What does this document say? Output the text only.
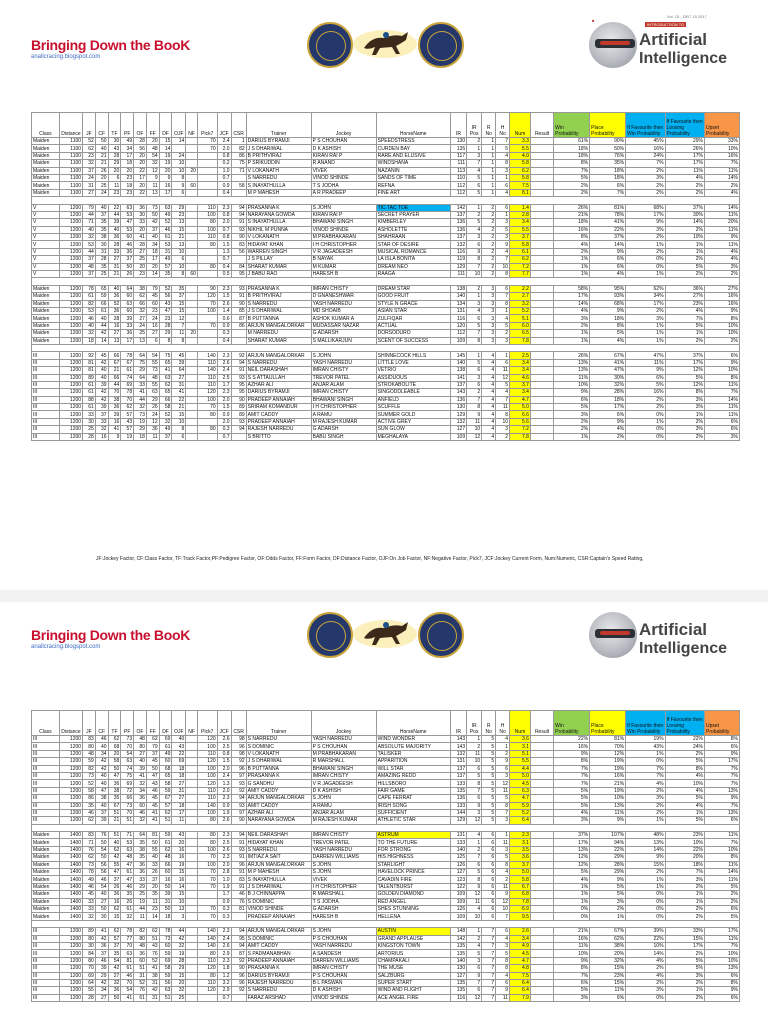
Bringing Down the BooK
anallcracing.blogspot.com
■
Vol. 15 - DEC 15 2017
INTRODUCTION TO
Artificial
Intelligence
Class	Distance	JF	CF	TF	PF	OF	FF	DF	OJF	NF	Pick7	JCF	CSR	Trainer	Jockey	HorseName	IR	IR Pos	R No	H No	Num	Result	Win Probability	Place Probability	If Favourite then Win Probability	If Favourite then Loosing Probability	Upset Probability
Maiden	1100	52	50	30	49	28	20	15	14		70	2.4	1	DARIUS BYRAMJI	P S CHOUHAN	SPEEDSTRESS	130	2	1	7	3.3		61%	90%	45%	29%	33%
Maiden	1100	62	40	43	34	56	48	14			70	2.0	82	J S DHARIWAL	D K ASHISH	CURDEN BAY	135	1	1	5	5.5		18%	50%	16%	26%	10%
Maiden	1100	23	21	28	17	20	54	19	24			0.8	86	B PRITHVIRAJ	KIRAN RAI P	RARE AND ELUSIVE	117	3	1	4	4.0		18%	76%	24%	17%	16%
Maiden	1100	32	21	29	18	20	32	19	10			0.2	75	P SRIKUDDIN	R ANAND	WINDSHANA	111	7	1	8	5.8		8%	35%	7%	17%	7%
Maiden	1100	37	26	20	20	22	12	20	10	20		1.0	71	V LOKANATH	VIVEK	NAZANIN	113	4	1	3	6.2		7%	18%	2%	11%	11%
Maiden	1100	24	20	6	23	17	9	9	8			0.7		S NARREDU	VINOD SHINDE	SANDS OF TIME	110	5	1	1	5.8		5%	18%	3%	4%	14%
Maiden	1100	31	25	11	18	20	11	16	9	60		0.9	58	S INAYATHULLA	T S JODHA	REFNA	112	6	1	6	7.5		2%	6%	2%	2%	2%
Maiden	1100	27	24	23	23	22	13	17	6			0.4		M P MAHESH	A R PRADEEP	FINE ART	112	5	1	4	8.1		2%	7%	2%	2%	4%

V	1200	79	40	22	63	36	73	63	29		110	2.3	94	PRASANNA K	S JOHN	TIC TAC TOE	142	1	2	6	1.4		26%	81%	68%	37%	14%
V	1200	44	37	44	53	30	50	49	23		100	0.8	94	NARAYANA GOWDA	KIRAN RAI P	SECRET PRAYER	137	2	2	1	2.8		21%	78%	17%	30%	11%
V	1200	71	35	39	47	33	42	52	13		80	2.0	91	S INAYATHULLA	BHAWANI SINGH	KIMBERLEY	136	5	2	3	3.4		18%	41%	9%	14%	20%
V	1200	40	35	40	53	20	37	46	15		100	0.7	93	NIKHIL M PUNNA	VINOD SHINDE	ASHOLETTE	136	4	2	5	5.5		16%	22%	3%	2%	11%
V	1200	32	38	36	60	41	40	61	21		110	0.8	90	V LOKANATH	M PRABHAKARAN	SHAHRAAN	137	3	2	3	3.7		8%	37%	2%	10%	9%
V	1200	53	30	28	46	28	34	53	13		80	1.5	83	HIDAYAT KHAN	I H CHRISTOPHER	STAR OF DESIRE	132	6	2	9	5.8		4%	14%	1%	1%	11%
V	1200	44	31	33	36	27	18	31	10			1.3	56	WARREN SINGH	V R JAGADEESH	MUSICAL ROMANCE	116	9	2	4	6.1		2%	9%	2%	1%	4%
V	1200	37	28	27	37	25	17	49	6			0.7		J S PILLAY	B NAYAK	LA ISLA BONITA	119	8	2	7	6.2		1%	6%	0%	2%	4%
V	1200	48	35	31	50	20	20	57	10		80	0.4	84	SHARAT KUMAR	M KUMAR	DREAM NEO	129	7	2	10	7.2		1%	6%	0%	5%	3%
V	1200	37	25	21	26	23	14	35	8	60		0.5	95	J BABU RAO	HARESH B	RAAGA	111	10	2	8	7.7		1%	4%	1%	2%	2%

Maiden	1200	78	65	40	64	38	79	52	35		90	2.3	93	PRASANNA K	IMRAN CHISTY	DREAM STAR	138	2	3	6	2.2		58%	95%	62%	36%	27%
Maiden	1200	61	59	36	60	62	45	56	37		120	1.5	91	B PRITHVIRAJ	D GNANESHWAR	GOOD FRUIT	140	1	3	7	2.7		17%	93%	34%	27%	16%
Maiden	1200	82	66	52	63	66	60	43	15		70	2.6	90	S NARREDU	YASH NARREDU	STYLE N GRACE	134	3	3	8	3.2		14%	68%	17%	23%	16%
Maiden	1200	53	61	36	60	32	23	47	15		100	1.4	85	J S DHARIWAL	MD SHOAIB	ASIAN STAR	131	4	3	1	5.2		4%	9%	2%	4%	9%
Maiden	1200	46	40	28	39	27	24	23	12			0.6	87	B PUTTANNA	ASHOK KUMAR A	ZULFIQAR	116	6	3	4	5.1		3%	18%	3%	7%	8%
Maiden	1200	40	44	16	33	24	16	28	7		70	0.9	86	ARJUN MANGALORKAR	MUDASSAR NAZAR	ACTUAL	120	5	3	5	6.0		2%	8%	1%	5%	10%
Maiden	1200	32	42	27	36	25	27	29	11	20		0.3		M NARREDU	G ADARSH	DORSODURO	112	7	3	2	6.5		1%	5%	1%	1%	10%
Maiden	1200	18	14	13	17	13	6	8	8			0.4		SHARAT KUMAR	S MALLIKARJUN	SCENT OF SUCCESS	109	8	3	3	7.8		1%	4%	1%	2%	2%

III	1200	92	45	66	78	64	54	75	45		140	2.3	92	ARJUN MANGALORKAR	S JOHN	SHINNECOCK HILLS	145	1	4	1	2.5		26%	67%	47%	37%	6%
III	1200	81	42	67	67	75	55	65	39		110	2.6	94	S NARREDU	YASH NARREDU	LITTLE LOVE	140	5	4	6	3.4		13%	41%	11%	17%	9%
III	1200	81	40	21	61	29	73	41	64		140	2.4	91	NEIL DARASHAH	IMRAN CHISTY	VETRIO	138	6	4	11	3.4		13%	47%	9%	12%	10%
III	1200	89	40	66	74	64	48	63	27		110	2.5	93	S S ATTAULLAH	TREVOR PATEL	ASSIDUOUS	141	3	4	12	4.6		11%	30%	6%	5%	8%
III	1200	61	39	44	69	33	55	62	31		110	1.7	95	AZHAR ALI	ANJAR ALAM	STROKABOLITE	137	6	4	5	3.7		10%	32%	5%	12%	11%
III	1200	61	42	70	78	41	63	65	41		120	2.3	95	DARIUS BYRAMJI	IMRAN CHISTY	SINGODDLEABLE	143	2	4	4	3.4		9%	28%	16%	8%	7%
III	1200	88	42	38	70	44	29	66	22		100	2.0	90	PRADEEP ANNAIAH	BHAWANI SINGH	ANFIELD	136	7	4	7	4.7		6%	18%	2%	3%	14%
III	1200	61	39	36	62	32	26	58	21		70	1.5	89	SRIRAM KOMANDUR	I H CHRISTOPHER	SCUFFLE	130	8	4	11	5.0		5%	17%	2%	3%	11%
III	1200	33	37	39	57	73	24	52	15		80	0.9	89	AMIT CADDY	A RAMU	SUMMER GOLD	129	9	4	8	6.6		3%	6%	0%	1%	11%
III	1200	30	33	16	43	19	12	32	10			2.0	93	PRADEEP ANNAIAH	M RAJESH KUMAR	ACTIVE GREY	132	11	4	10	5.6		2%	9%	1%	2%	6%
III	1200	25	32	41	57	29	36	49	8		80	0.3	94	RAJESH NARREDU	G ADARSH	SUN GLOW	127	10	4	3	7.2		2%	4%	0%	3%	6%
III	1200	28	16	9	19	18	11	37	6			0.7		S BRITTO	BABU SINGH	MEGHALAYA	109	12	4	2	7.8		1%	2%	0%	2%	3%
JF:Jockey Factor, CF:Class Factor, TF:Track Factor,PF:Pedigree Factor, OF:Odds Factor, FF:Form Factor, DF:Distance Factor, OJF:On Job Factor, NF:Negative Factor, Pick7, JCF:Jockey Current Form, Num:Numeric, CSR:Captain's Speed Rating,
Bringing Down the BooK
anallcracing.blogspot.com
Artificial
Intelligence
Class	Distance	JF	CF	TF	PF	OF	FF	DF	OJF	NF	Pick7	JCF	CSR	Trainer	Jockey	HorseName	IR	IR Pos	R No	H No	Num	Result	Win Probability	Place Probability	If Favourite then Win Probability	If Favourite then Loosing Probability	Upset Probability
III	1200	83	46	62	73	48	62	69	40		120	2.6	98	S NARREDU	YASH NARREDU	WIND WONDER	143	1	5	4	3.6		22%	81%	19%	22%	8%
III	1200	80	40	68	70	80	79	61	43		100	2.5	96	S DOMINIC	P S CHOUHAN	ABSOLUTE MAJORITY	143	2	5	1	3.1		16%	70%	43%	24%	6%
III	1200	48	34	20	54	27	37	49	22		110	0.8	98	V LOKANATH	M PRABHAKARAN	TALISKER	132	11	5	2	5.1		9%	12%	1%	2%	9%
III	1200	59	42	58	63	40	45	60	69		120	1.5	92	J S DHARIWAL	R MARSHALL	APPARITION	131	10	5	9	5.5		8%	19%	0%	5%	17%
III	1200	82	42	50	74	39	50	68	18		100	2.0	96	B PUTTANNA	BHAWANI SINGH	WILL STAR	137	6	5	6	4.4		7%	19%	7%	8%	7%
III	1200	73	40	47	75	41	47	65	18		100	2.4	97	PRASANNA K	IMRAN CHISTY	AMAZING REDD	137	5	5	3	5.0		7%	16%	7%	4%	7%
III	1200	52	40	36	69	32	43	58	27		120	1.3	93	G SANDHU	V R JAGADEESH	HILLSBORO	133	8	5	12	4.5		7%	21%	4%	10%	7%
III	1200	58	47	38	72	34	46	59	31		110	2.0	92	AMIT CADDY	D K ASHISH	FAIR GAME	135	7	5	11	6.3		5%	19%	2%	4%	13%
III	1200	86	38	35	66	36	45	67	27		110	2.3	94	ARJUN MANGALORKAR	S JOHN	CAPE FERRAT	136	6	5	5	4.7		5%	10%	3%	5%	9%
III	1200	35	40	67	73	60	45	57	18		140	0.9	93	AMIT CADDY	A RAMU	IRISH SONG	133	9	5	8	5.9		5%	13%	2%	4%	7%
III	1200	46	37	51	70	46	41	62	17		100	1.9	97	AZHAR ALI	ANJAR ALAM	SUFFICIENT	144	3	5	7	5.2		4%	11%	2%	1%	13%
III	1200	62	39	21	51	32	41	51	11		80	2.6	90	NARAYANA GOWDA	M RAJESH KUMAR	ATHLETIC STAR	129	12	5	3	6.4		3%	9%	1%	5%	6%

Maiden	1400	83	76	51	71	64	81	59	43		80	2.3	94	NEIL DARASHAH	IMRAN CHISTY	ASTRUM	131	4	6	1	2.3		37%	107%	48%	23%	11%
Maiden	1400	71	50	40	53	35	50	61	20		80	2.5	91	HIDAYAT KHAN	TREVOR PATEL	TO THE FUTURE	133	1	6	11	3.1		17%	94%	13%	10%	7%
Maiden	1400	76	54	62	63	38	55	62	16		100	2.6	93	S NARREDU	YASH NARREDU	FOR STRONG	140	2	6	3	3.5		13%	22%	14%	22%	10%
Maiden	1400	62	50	42	48	35	40	48	16		70	2.3	91	IMTIAZ A SAIT	DARREN WILLIAMS	HIS HIGHNESS	125	7	6	5	3.6		12%	29%	9%	20%	8%
Maiden	1400	73	56	55	47	36	33	66	19		100	2.0	96	ARJUN MANGALORKAR	S JOHN	STARLIGHT	126	6	6	8	3.7		12%	28%	15%	18%	11%
Maiden	1400	78	56	47	61	36	26	60	15		70	2.8	91	M P MAHESH	S JOHN	HAVELOCK PRINCE	127	5	6	4	5.0		5%	29%	2%	7%	14%
Maiden	1400	49	46	37	47	33	37	16	16		70	1.0	83	S INAYATHULLA	VIVEK	CAVADIN FIRE	123	8	6	2	5.8		4%	9%	1%	3%	11%
Maiden	1400	46	54	26	46	29	20	50	14		70	1.9	91	J S DHARIWAL	I H CHRISTOPHER	TALENTBURST	122	9	6	11	6.7		1%	5%	1%	2%	5%
Maiden	1400	45	40	36	35	25	35	39	15			1.7	46	B J CHINNAPPA	R MARSHALL	GOLDEN DIAMOND	109	12	6	9	6.8		1%	5%	0%	1%	2%
Maiden	1400	33	27	16	26	19	11	31	10			0.9	76	S DOMINIC	T S JODHA	RED ANGEL	109	11	6	12	7.8		1%	3%	0%	1%	2%
Maiden	1400	33	50	62	61	44	23	50	13		70	0.3	81	VINOD SHINDE	G ADARSH	SHES STUNNING	126	4	6	10	6.9		0%	2%	0%	2%	6%
Maiden	1400	32	30	15	32	11	14	18	3		70	0.3		PRADEEP ANNAIAH	HARESH B	HELLENA	109	10	6	7	9.5		0%	1%	0%	2%	5%

III	1200	89	41	62	78	82	62	78	44		140	2.3	94	ARJUN MANGALORKAR	S JOHN	AUSTIN	148	1	7	6	2.6		21%	67%	39%	33%	17%
III	1200	80	42	57	77	80	51	73	42		140	2.4	95	S DOMINIC	P S CHOUHAN	GRAND APPLAUSE	142	2	7	4	3.4		16%	62%	22%	15%	11%
III	1200	30	36	37	70	48	43	60	32		140	2.6	94	AMIT CADDY	YASH NARREDU	KINGSTON TOWN	135	4	7	3	4.9		11%	38%	10%	17%	7%
III	1200	84	37	35	63	36	76	59	19		80	2.9	87	S PADMANABHAN	A SANDESH	ARTORIUS	135	5	7	5	4.5		10%	20%	14%	2%	10%
III	1200	80	46	54	81	60	52	69	28		110	2.3	92	PRADEEP ANNAIAH	DARREN WILLIAMS	CHAMPAKALI	140	3	7	8	4.7		9%	32%	4%	5%	10%
III	1200	70	39	42	61	51	41	58	29		120	1.8	90	PRASANNA K	IMRAN CHISTY	THE MUSE	130	6	7	8	4.8		8%	15%	2%	5%	13%
III	1200	69	29	27	46	31	38	59	15		80	1.2	96	DARIUS BYRAMJI	P S CHOUHAN	SALZBURG	127	9	7	4	7.5		7%	23%	4%	3%	6%
III	1200	64	42	32	70	52	31	56	20		110	3.2	96	RAJESH NARREDU	B L PASWAN	SUPER START	135	7	7	6	6.4		6%	15%	2%	2%	8%
III	1200	55	34	36	54	76	42	63	32		120	2.9	92	S NARREDU	D K ASHISH	WIND AND FLIGHT	135	6	7	9	6.4		5%	11%	3%	1%	9%
III	1200	28	27	50	41	61	31	51	25			0.7		FARAZ ARSHAD	VINOD SHINDE	ACE ANGEL FIRE	116	12	7	11	7.9		3%	6%	0%	2%	6%
